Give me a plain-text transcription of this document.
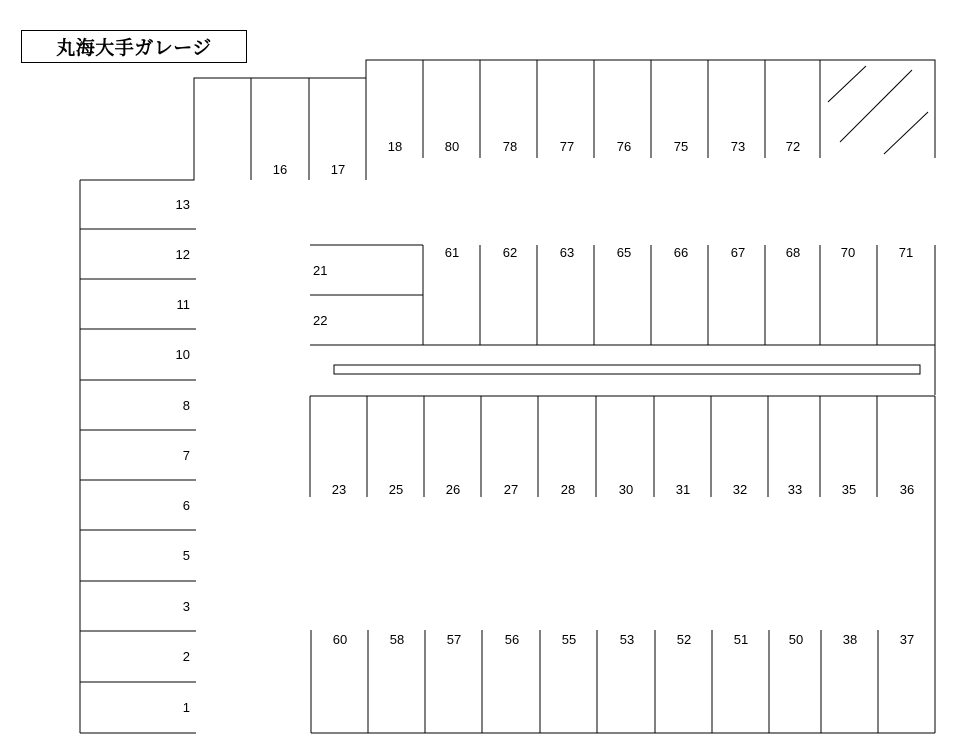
丸海大手ガレージ
16	17
18	80	78	77	76	75	73	72
13
12
11
10
8
7
6
5
3
2
1
21
22
61	62	63	65	66	67	68	70	71
23	25	26	27	28	30	31	32	33	35	36
60	58	57	56	55	53	52	51	50	38	37
